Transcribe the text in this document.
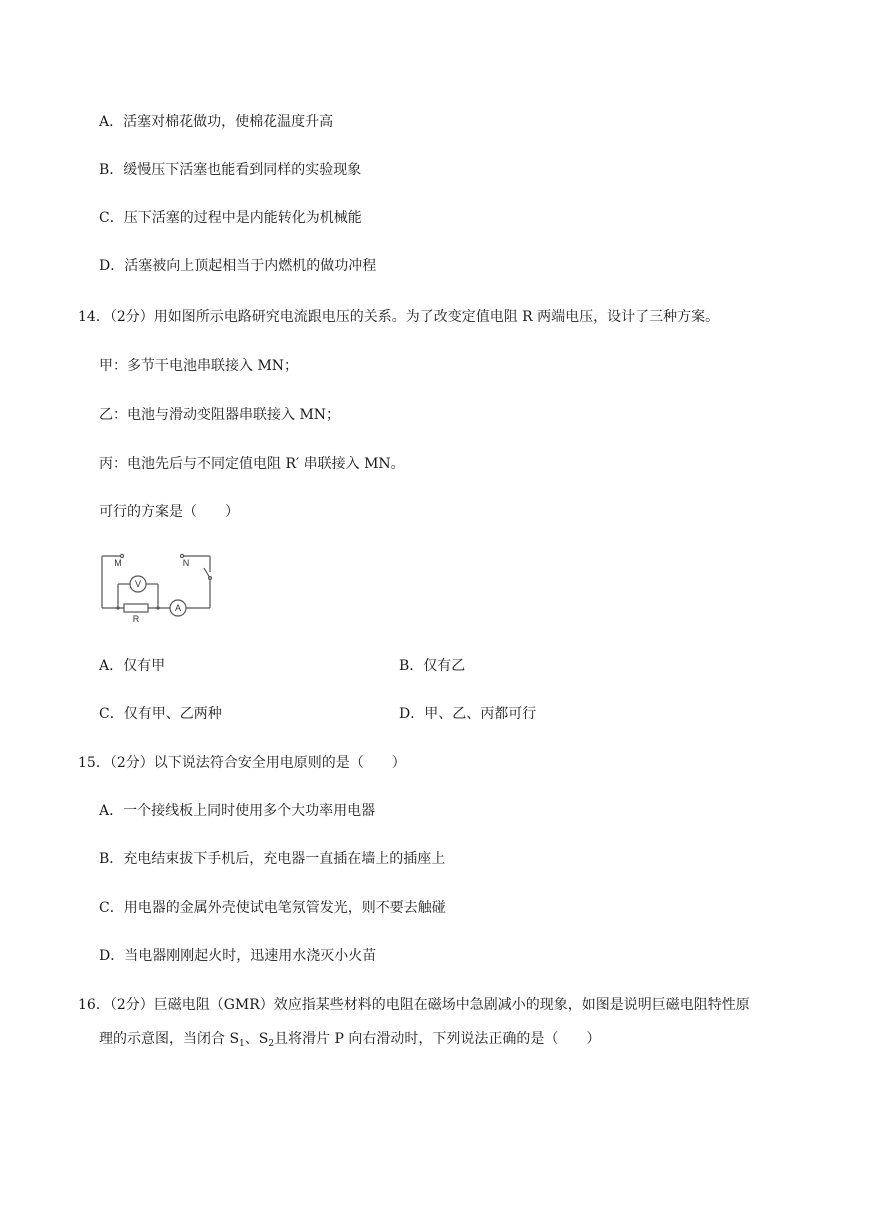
A．活塞对棉花做功，使棉花温度升高
B．缓慢压下活塞也能看到同样的实验现象
C．压下活塞的过程中是内能转化为机械能
D．活塞被向上顶起相当于内燃机的做功冲程
14．（2分）用如图所示电路研究电流跟电压的关系。为了改变定值电阻 R 两端电压，设计了三种方案。
甲：多节干电池串联接入 MN；
乙：电池与滑动变阻器串联接入 MN；
丙：电池先后与不同定值电阻 R′ 串联接入 MN。
可行的方案是（　　）
M	N
V
A
R
A．仅有甲	B．仅有乙
C．仅有甲、乙两种	D．甲、乙、丙都可行
15．（2分）以下说法符合安全用电原则的是（　　）
A．一个接线板上同时使用多个大功率用电器
B．充电结束拔下手机后，充电器一直插在墙上的插座上
C．用电器的金属外壳使试电笔氖管发光，则不要去触碰
D．当电器刚刚起火时，迅速用水浇灭小火苗
16．（2分）巨磁电阻（GMR）效应指某些材料的电阻在磁场中急剧减小的现象，如图是说明巨磁电阻特性原
理的示意图，当闭合 $S_1$、$S_2$且将滑片 P 向右滑动时，下列说法正确的是（　　）
